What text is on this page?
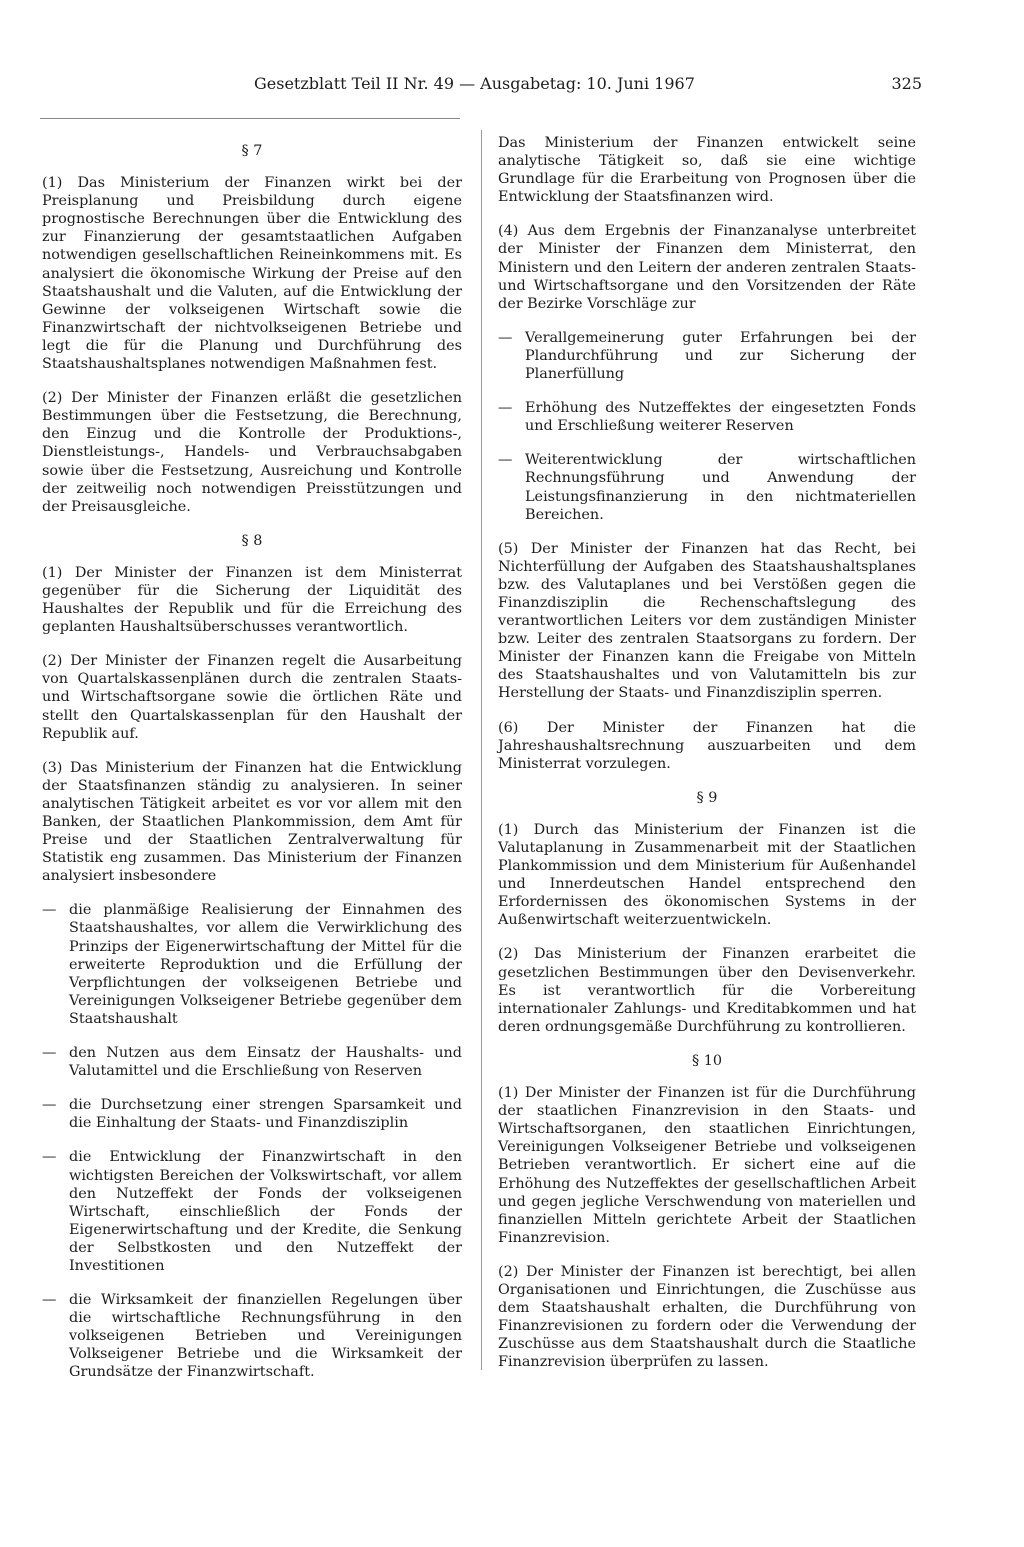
Gesetzblatt Teil II Nr. 49 — Ausgabetag: 10. Juni 1967	325
§ 7

(1) Das Ministerium der Finanzen wirkt bei der Preisplanung und Preisbildung durch eigene prognostische Berechnungen über die Entwicklung des zur Finanzierung der gesamtstaatlichen Aufgaben notwendigen gesellschaftlichen Reineinkommens mit. Es analysiert die ökonomische Wirkung der Preise auf den Staatshaushalt und die Valuten, auf die Entwicklung der Gewinne der volkseigenen Wirtschaft sowie die Finanzwirtschaft der nichtvolkseigenen Betriebe und legt die für die Planung und Durchführung des Staatshaushaltsplanes notwendigen Maßnahmen fest.

(2) Der Minister der Finanzen erläßt die gesetzlichen Bestimmungen über die Festsetzung, die Berechnung, den Einzug und die Kontrolle der Produktions-, Dienstleistungs-, Handels- und Verbrauchsabgaben sowie über die Festsetzung, Ausreichung und Kontrolle der zeitweilig noch notwendigen Preisstützungen und der Preisausgleiche.

§ 8

(1) Der Minister der Finanzen ist dem Ministerrat gegenüber für die Sicherung der Liquidität des Haushaltes der Republik und für die Erreichung des geplanten Haushaltsüberschusses verantwortlich.

(2) Der Minister der Finanzen regelt die Ausarbeitung von Quartalskassenplänen durch die zentralen Staats- und Wirtschaftsorgane sowie die örtlichen Räte und stellt den Quartalskassenplan für den Haushalt der Republik auf.

(3) Das Ministerium der Finanzen hat die Entwicklung der Staatsfinanzen ständig zu analysieren. In seiner analytischen Tätigkeit arbeitet es vor vor allem mit den Banken, der Staatlichen Plankommission, dem Amt für Preise und der Staatlichen Zentralverwaltung für Statistik eng zusammen. Das Ministerium der Finanzen analysiert insbesondere

— die planmäßige Realisierung der Einnahmen des Staatshaushaltes, vor allem die Verwirklichung des Prinzips der Eigenerwirtschaftung der Mittel für die erweiterte Reproduktion und die Erfüllung der Verpflichtungen der volkseigenen Betriebe und Vereinigungen Volkseigener Betriebe gegenüber dem Staatshaushalt
— den Nutzen aus dem Einsatz der Haushalts- und Valutamittel und die Erschließung von Reserven
— die Durchsetzung einer strengen Sparsamkeit und die Einhaltung der Staats- und Finanzdisziplin
— die Entwicklung der Finanzwirtschaft in den wichtigsten Bereichen der Volkswirtschaft, vor allem den Nutzeffekt der Fonds der volkseigenen Wirtschaft, einschließlich der Fonds der Eigenerwirtschaftung und der Kredite, die Senkung der Selbstkosten und den Nutzeffekt der Investitionen
— die Wirksamkeit der finanziellen Regelungen über die wirtschaftliche Rechnungsführung in den volkseigenen Betrieben und Vereinigungen Volkseigener Betriebe und die Wirksamkeit der Grundsätze der Finanzwirtschaft.

Das Ministerium der Finanzen entwickelt seine analytische Tätigkeit so, daß sie eine wichtige Grundlage für die Erarbeitung von Prognosen über die Entwicklung der Staatsfinanzen wird.

(4) Aus dem Ergebnis der Finanzanalyse unterbreitet der Minister der Finanzen dem Ministerrat, den Ministern und den Leitern der anderen zentralen Staats- und Wirtschaftsorgane und den Vorsitzenden der Räte der Bezirke Vorschläge zur

— Verallgemeinerung guter Erfahrungen bei der Plandurchführung und zur Sicherung der Planerfüllung
— Erhöhung des Nutzeffektes der eingesetzten Fonds und Erschließung weiterer Reserven
— Weiterentwicklung der wirtschaftlichen Rechnungsführung und Anwendung der Leistungsfinanzierung in den nichtmateriellen Bereichen.

(5) Der Minister der Finanzen hat das Recht, bei Nichterfüllung der Aufgaben des Staatshaushaltsplanes bzw. des Valutaplanes und bei Verstößen gegen die Finanzdisziplin die Rechenschaftslegung des verantwortlichen Leiters vor dem zuständigen Minister bzw. Leiter des zentralen Staatsorgans zu fordern. Der Minister der Finanzen kann die Freigabe von Mitteln des Staatshaushaltes und von Valutamitteln bis zur Herstellung der Staats- und Finanzdisziplin sperren.

(6) Der Minister der Finanzen hat die Jahreshaushaltsrechnung auszuarbeiten und dem Ministerrat vorzulegen.

§ 9

(1) Durch das Ministerium der Finanzen ist die Valutaplanung in Zusammenarbeit mit der Staatlichen Plankommission und dem Ministerium für Außenhandel und Innerdeutschen Handel entsprechend den Erfordernissen des ökonomischen Systems in der Außenwirtschaft weiterzuentwickeln.

(2) Das Ministerium der Finanzen erarbeitet die gesetzlichen Bestimmungen über den Devisenverkehr. Es ist verantwortlich für die Vorbereitung internationaler Zahlungs- und Kreditabkommen und hat deren ordnungsgemäße Durchführung zu kontrollieren.

§ 10

(1) Der Minister der Finanzen ist für die Durchführung der staatlichen Finanzrevision in den Staats- und Wirtschaftsorganen, den staatlichen Einrichtungen, Vereinigungen Volkseigener Betriebe und volkseigenen Betrieben verantwortlich. Er sichert eine auf die Erhöhung des Nutzeffektes der gesellschaftlichen Arbeit und gegen jegliche Verschwendung von materiellen und finanziellen Mitteln gerichtete Arbeit der Staatlichen Finanzrevision.

(2) Der Minister der Finanzen ist berechtigt, bei allen Organisationen und Einrichtungen, die Zuschüsse aus dem Staatshaushalt erhalten, die Durchführung von Finanzrevisionen zu fordern oder die Verwendung der Zuschüsse aus dem Staatshaushalt durch die Staatliche Finanzrevision überprüfen zu lassen.
